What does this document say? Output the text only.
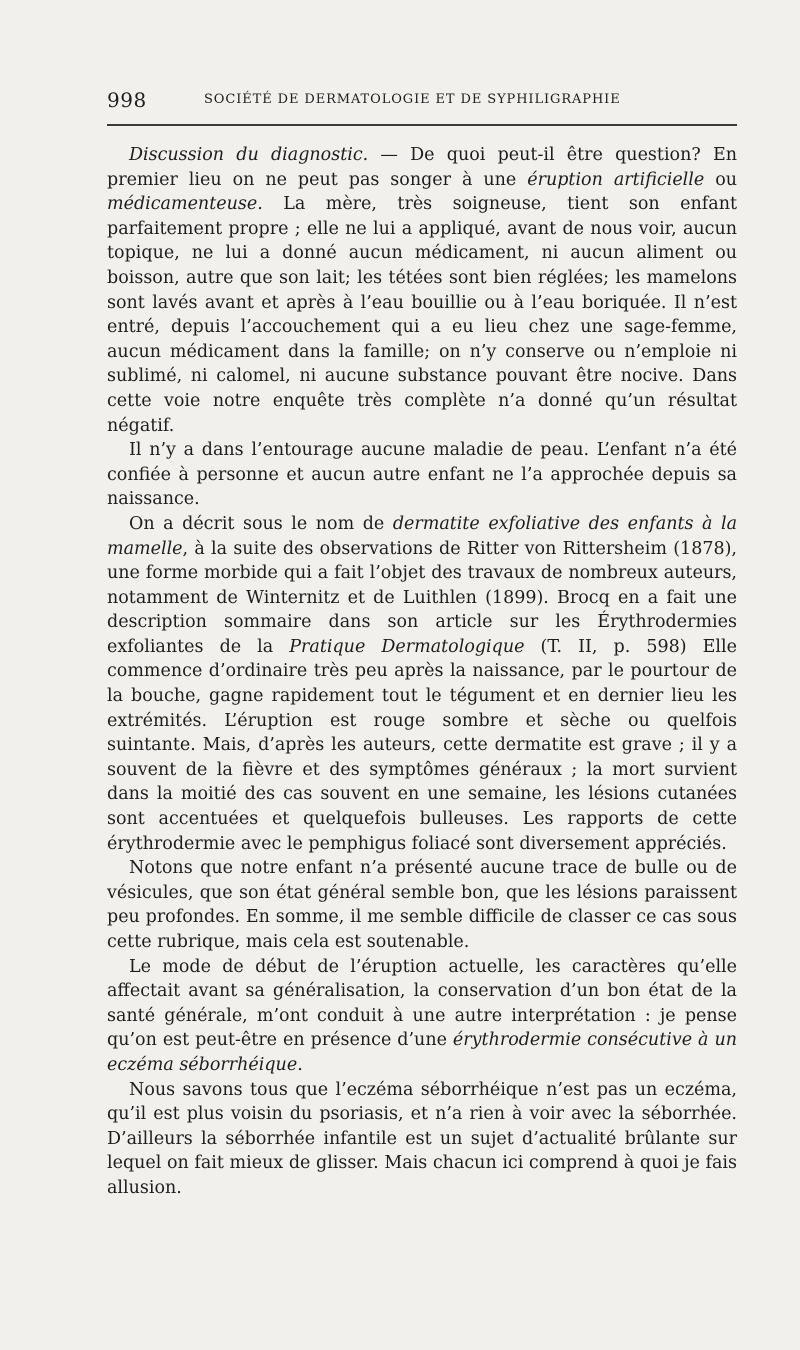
998	SOCIÉTÉ DE DERMATOLOGIE ET DE SYPHILIGRAPHIE

Discussion du diagnostic. — De quoi peut-il être question? En premier lieu on ne peut pas songer à une éruption artificielle ou médicamenteuse. La mère, très soigneuse, tient son enfant parfaitement propre ; elle ne lui a appliqué, avant de nous voir, aucun topique, ne lui a donné aucun médicament, ni aucun aliment ou boisson, autre que son lait; les tétées sont bien réglées; les mamelons sont lavés avant et après à l’eau bouillie ou à l’eau boriquée. Il n’est entré, depuis l’accouchement qui a eu lieu chez une sage-femme, aucun médicament dans la famille; on n’y conserve ou n’emploie ni sublimé, ni calomel, ni aucune substance pouvant être nocive. Dans cette voie notre enquête très complète n’a donné qu’un résultat négatif.

Il n’y a dans l’entourage aucune maladie de peau. L’enfant n’a été confiée à personne et aucun autre enfant ne l’a approchée depuis sa naissance.

On a décrit sous le nom de dermatite exfoliative des enfants à la mamelle, à la suite des observations de Ritter von Rittersheim (1878), une forme morbide qui a fait l’objet des travaux de nombreux auteurs, notamment de Winternitz et de Luithlen (1899). Brocq en a fait une description sommaire dans son article sur les Érythrodermies exfoliantes de la Pratique Dermatologique (T. II, p. 598) Elle commence d’ordinaire très peu après la naissance, par le pourtour de la bouche, gagne rapidement tout le tégument et en dernier lieu les extrémités. L’éruption est rouge sombre et sèche ou quelfois suintante. Mais, d’après les auteurs, cette dermatite est grave ; il y a souvent de la fièvre et des symptômes généraux ; la mort survient dans la moitié des cas souvent en une semaine, les lésions cutanées sont accentuées et quelquefois bulleuses. Les rapports de cette érythrodermie avec le pemphigus foliacé sont diversement appréciés.

Notons que notre enfant n’a présenté aucune trace de bulle ou de vésicules, que son état général semble bon, que les lésions paraissent peu profondes. En somme, il me semble difficile de classer ce cas sous cette rubrique, mais cela est soutenable.

Le mode de début de l’éruption actuelle, les caractères qu’elle affectait avant sa généralisation, la conservation d’un bon état de la santé générale, m’ont conduit à une autre interprétation : je pense qu’on est peut-être en présence d’une érythrodermie consécutive à un eczéma séborrhéique.

Nous savons tous que l’eczéma séborrhéique n’est pas un eczéma, qu’il est plus voisin du psoriasis, et n’a rien à voir avec la séborrhée. D’ailleurs la séborrhée infantile est un sujet d’actualité brûlante sur lequel on fait mieux de glisser. Mais chacun ici comprend à quoi je fais allusion.
